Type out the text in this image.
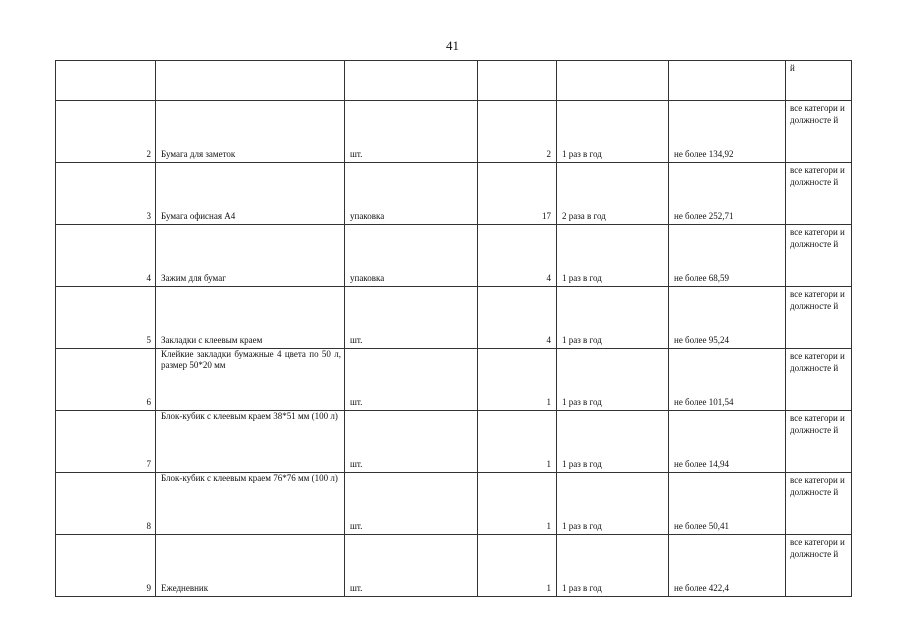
41
						й
2	Бумага для заметок	шт.	2	1 раз в год	не более 134,92	все категори и должносте й
3	Бумага офисная А4	упаковка	17	2 раза в год	не более 252,71	все категори и должносте й
4	Зажим для бумаг	упаковка	4	1 раз в год	не более 68,59	все категори и должносте й
5	Закладки с клеевым краем	шт.	4	1 раз в год	не более 95,24	все категори и должносте й
6	Клейкие закладки бумажные 4 цвета по 50 л, размер 50*20 мм	шт.	1	1 раз в год	не более 101,54	все категори и должносте й
7	Блок-кубик с клеевым краем 38*51 мм (100 л)	шт.	1	1 раз в год	не более 14,94	все категори и должносте й
8	Блок-кубик с клеевым краем 76*76 мм (100 л)	шт.	1	1 раз в год	не более 50,41	все категори и должносте й
9	Ежедневник	шт.	1	1 раз в год	не более 422,4	все категори и должносте й
